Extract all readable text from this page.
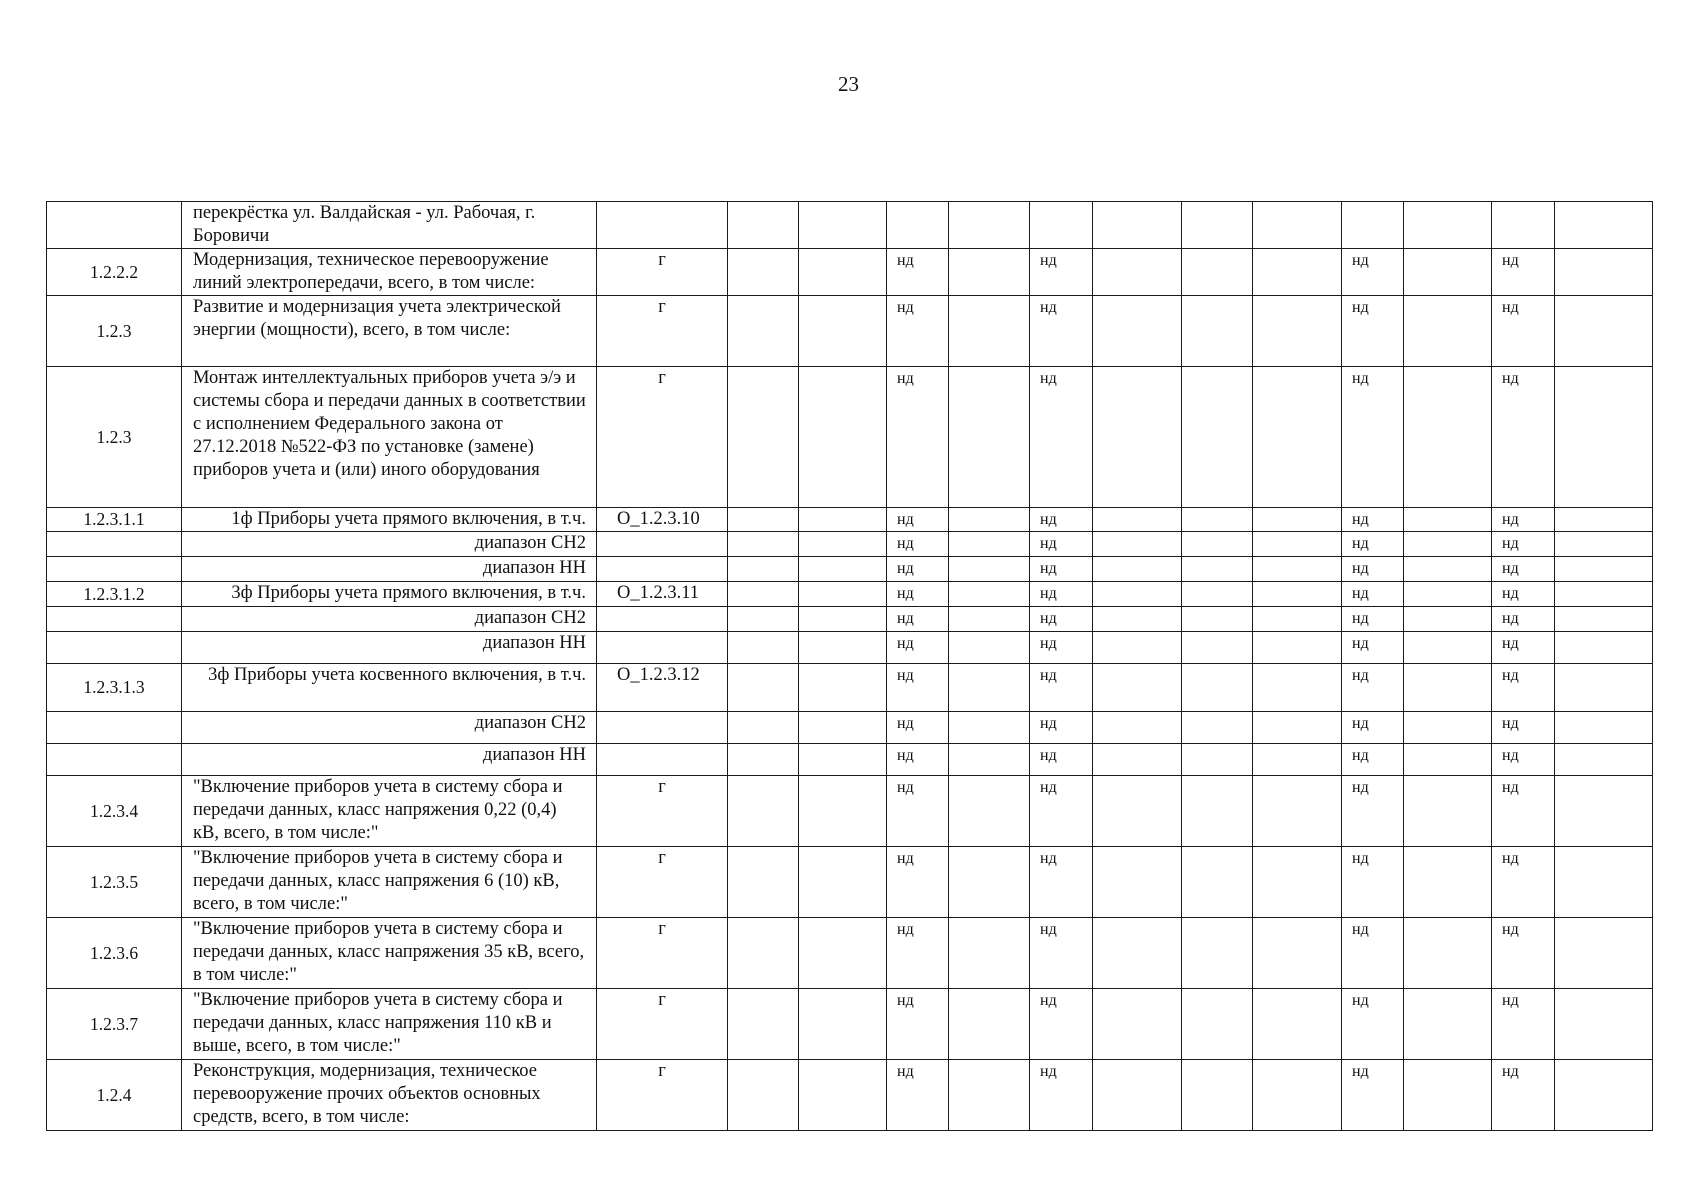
23
	перекрёстка ул. Валдайская - ул. Рабочая, г. Боровичи													
1.2.2.2	Модернизация, техническое перевооружение линий электропередачи, всего, в том числе:	г			нд		нд				нд		нд	
1.2.3	Развитие и модернизация учета электрической энергии (мощности), всего, в том числе:	г			нд		нд				нд		нд	
1.2.3	Монтаж интеллектуальных приборов учета э/э и системы сбора и передачи данных в соответствии с исполнением Федерального закона от 27.12.2018 №522-ФЗ по установке (замене) приборов учета и (или) иного оборудования	г			нд		нд				нд		нд	
1.2.3.1.1	1ф Приборы учета прямого включения, в т.ч.	О_1.2.3.10			нд		нд				нд		нд	
	диапазон СН2				нд		нд				нд		нд	
	диапазон НН				нд		нд				нд		нд	
1.2.3.1.2	3ф Приборы учета прямого включения, в т.ч.	О_1.2.3.11			нд		нд				нд		нд	
	диапазон СН2				нд		нд				нд		нд	
	диапазон НН				нд		нд				нд		нд	
1.2.3.1.3	3ф Приборы учета косвенного включения, в т.ч.	О_1.2.3.12			нд		нд				нд		нд	
	диапазон СН2				нд		нд				нд		нд	
	диапазон НН				нд		нд				нд		нд	
1.2.3.4	"Включение приборов учета в систему сбора и передачи данных, класс напряжения 0,22 (0,4) кВ, всего, в том числе:"	г			нд		нд				нд		нд	
1.2.3.5	"Включение приборов учета в систему сбора и передачи данных, класс напряжения 6 (10) кВ, всего, в том числе:"	г			нд		нд				нд		нд	
1.2.3.6	"Включение приборов учета в систему сбора и передачи данных, класс напряжения 35 кВ, всего, в том числе:"	г			нд		нд				нд		нд	
1.2.3.7	"Включение приборов учета в систему сбора и передачи данных, класс напряжения 110 кВ и выше, всего, в том числе:"	г			нд		нд				нд		нд	
1.2.4	Реконструкция, модернизация, техническое перевооружение прочих объектов основных средств, всего, в том числе:	г			нд		нд				нд		нд	
